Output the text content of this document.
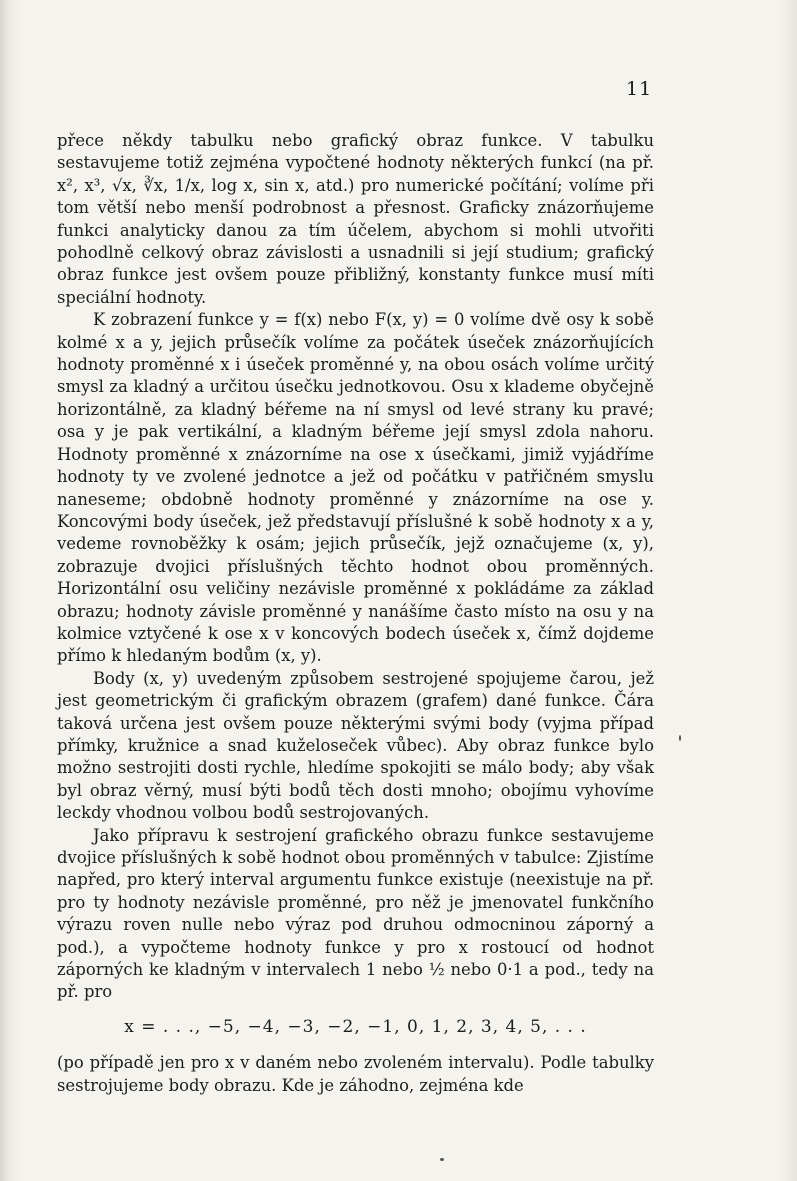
11

přece někdy tabulku nebo grafický obraz funkce. V tabulku sestavujeme totiž zejména vypočtené hodnoty některých funkcí (na př. x², x³, √x, ∛x, 1/x, log x, sin x, atd.) pro numerické počítání; volíme při tom větší nebo menší podrobnost a přesnost. Graficky znázorňujeme funkci analyticky danou za tím účelem, abychom si mohli utvořiti pohodlně celkový obraz závislosti a usnadnili si její studium; grafický obraz funkce jest ovšem pouze přibližný, konstanty funkce musí míti speciální hodnoty.

K zobrazení funkce y = f(x) nebo F(x, y) = 0 volíme dvě osy k sobě kolmé x a y, jejich průsečík volíme za počátek úseček znázorňujících hodnoty proměnné x i úseček proměnné y, na obou osách volíme určitý smysl za kladný a určitou úsečku jednotkovou. Osu x klademe obyčejně horizontálně, za kladný béřeme na ní smysl od levé strany ku pravé; osa y je pak vertikální, a kladným béřeme její smysl zdola nahoru. Hodnoty proměnné x znázorníme na ose x úsečkami, jimiž vyjádříme hodnoty ty ve zvolené jednotce a jež od počátku v patřičném smyslu naneseme; obdobně hodnoty proměnné y znázorníme na ose y. Koncovými body úseček, jež představují příslušné k sobě hodnoty x a y, vedeme rovnoběžky k osám; jejich průsečík, jejž označujeme (x, y), zobrazuje dvojici příslušných těchto hodnot obou proměnných. Horizontální osu veličiny nezávisle proměnné x pokládáme za základ obrazu; hodnoty závisle proměnné y nanášíme často místo na osu y na kolmice vztyčené k ose x v koncových bodech úseček x, čímž dojdeme přímo k hledaným bodům (x, y).

Body (x, y) uvedeným způsobem sestrojené spojujeme čarou, jež jest geometrickým či grafickým obrazem (grafem) dané funkce. Čára taková určena jest ovšem pouze některými svými body (vyjma případ přímky, kružnice a snad kuželoseček vůbec). Aby obraz funkce bylo možno sestrojiti dosti rychle, hledíme spokojiti se málo body; aby však byl obraz věrný, musí býti bodů těch dosti mnoho; obojímu vyhovíme leckdy vhodnou volbou bodů sestrojovaných.

Jako přípravu k sestrojení grafického obrazu funkce sestavujeme dvojice příslušných k sobě hodnot obou proměnných v tabulce: Zjistíme napřed, pro který interval argumentu funkce existuje (neexistuje na př. pro ty hodnoty nezávisle proměnné, pro něž je jmenovatel funkčního výrazu roven nulle nebo výraz pod druhou odmocninou záporný a pod.), a vypočteme hodnoty funkce y pro x rostoucí od hodnot záporných ke kladným v intervalech 1 nebo ½ nebo 0·1 a pod., tedy na př. pro

x = . . ., −5, −4, −3, −2, −1, 0, 1, 2, 3, 4, 5, . . .

(po případě jen pro x v daném nebo zvoleném intervalu). Podle tabulky sestrojujeme body obrazu. Kde je záhodno, zejména kde
